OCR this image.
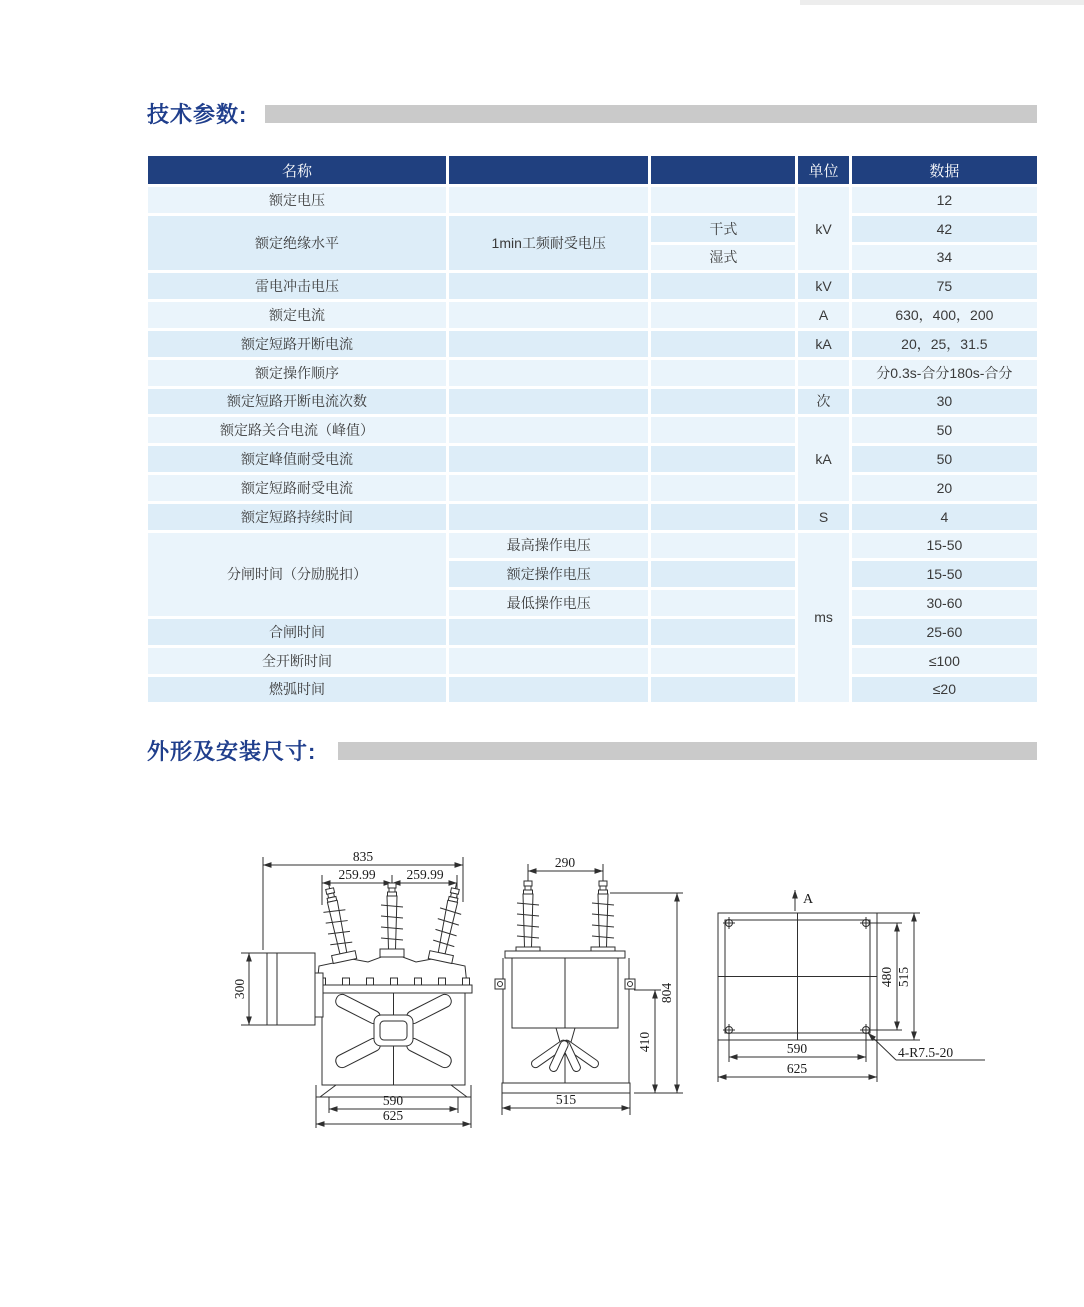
技术参数:
名称			单位	数据
额定电压			kV	12
额定绝缘水平	1min工频耐受电压	干式		42
		湿式		34
雷电冲击电压			kV	75
额定电流			A	630，400，200
额定短路开断电流			kA	20，25，31.5
额定操作顺序				分0.3s-合分180s-合分
额定短路开断电流次数			次	30
额定路关合电流（峰值）			kA	50
额定峰值耐受电流				50
额定短路耐受电流				20
额定短路持续时间			S	4
分闸时间（分励脱扣）	最高操作电压		ms	15-50
	额定操作电压			15-50
	最低操作电压			30-60
合闸时间				25-60
全开断时间				≤100
燃弧时间				≤20
外形及安装尺寸:
835
259.99 259.99
300
590
625
290
804
410
515
A
480 515
590
625
4-R7.5-20
